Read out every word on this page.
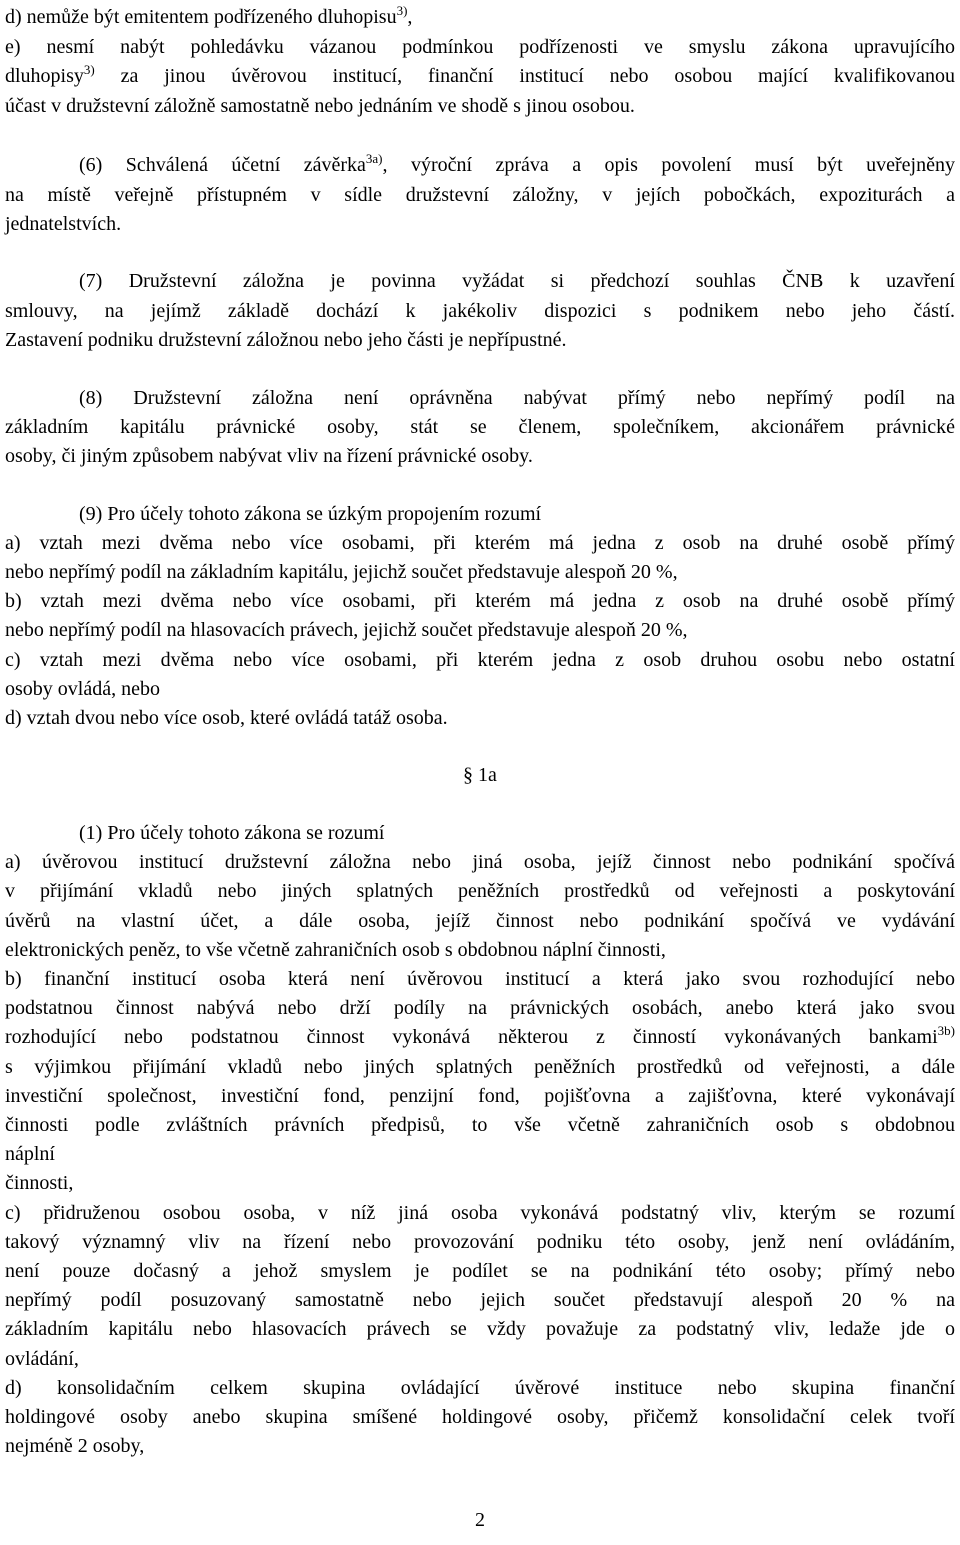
d) nemůže být emitentem podřízeného dluhopisu$^{3)}$,
e) nesmí nabýt pohledávku vázanou podmínkou podřízenosti ve smyslu zákona upravujícího
dluhopisy$^{3)}$ za jinou úvěrovou institucí, finanční institucí nebo osobou mající kvalifikovanou
účast v družstevní záložně samostatně nebo jednáním ve shodě s jinou osobou.
(6) Schválená účetní závěrka$^{3a)}$, výroční zpráva a opis povolení musí být uveřejněny
na místě veřejně přístupném v sídle družstevní záložny, v jejích pobočkách, expoziturách a
jednatelstvích.
(7) Družstevní záložna je povinna vyžádat si předchozí souhlas ČNB k uzavření
smlouvy, na jejímž základě dochází k jakékoliv dispozici s podnikem nebo jeho částí.
Zastavení podniku družstevní záložnou nebo jeho části je nepřípustné.
(8) Družstevní záložna není oprávněna nabývat přímý nebo nepřímý podíl na
základním kapitálu právnické osoby, stát se členem, společníkem, akcionářem právnické
osoby, či jiným způsobem nabývat vliv na řízení právnické osoby.
(9) Pro účely tohoto zákona se úzkým propojením rozumí
a) vztah mezi dvěma nebo více osobami, při kterém má jedna z osob na druhé osobě přímý
nebo nepřímý podíl na základním kapitálu, jejichž součet představuje alespoň 20 %,
b) vztah mezi dvěma nebo více osobami, při kterém má jedna z osob na druhé osobě přímý
nebo nepřímý podíl na hlasovacích právech, jejichž součet představuje alespoň 20 %,
c) vztah mezi dvěma nebo více osobami, při kterém jedna z osob druhou osobu nebo ostatní
osoby ovládá, nebo
d) vztah dvou nebo více osob, které ovládá tatáž osoba.
§ 1a
(1) Pro účely tohoto zákona se rozumí
a) úvěrovou institucí družstevní záložna nebo jiná osoba, jejíž činnost nebo podnikání spočívá
v přijímání vkladů nebo jiných splatných peněžních prostředků od veřejnosti a poskytování
úvěrů na vlastní účet, a dále osoba, jejíž činnost nebo podnikání spočívá ve vydávání
elektronických peněz, to vše včetně zahraničních osob s obdobnou náplní činnosti,
b) finanční institucí osoba která není úvěrovou institucí a která jako svou rozhodující nebo
podstatnou činnost nabývá nebo drží podíly na právnických osobách, anebo která jako svou
rozhodující nebo podstatnou činnost vykonává některou z činností vykonávaných bankami$^{3b)}$
s výjimkou přijímání vkladů nebo jiných splatných peněžních prostředků od veřejnosti, a dále
investiční společnost, investiční fond, penzijní fond, pojišťovna a zajišťovna, které vykonávají
činnosti podle zvláštních právních předpisů, to vše včetně zahraničních osob s obdobnou
náplní
činnosti,
c) přidruženou osobou osoba, v níž jiná osoba vykonává podstatný vliv, kterým se rozumí
takový významný vliv na řízení nebo provozování podniku této osoby, jenž není ovládáním,
není pouze dočasný a jehož smyslem je podílet se na podnikání této osoby; přímý nebo
nepřímý podíl posuzovaný samostatně nebo jejich součet představují alespoň 20 % na
základním kapitálu nebo hlasovacích právech se vždy považuje za podstatný vliv, ledaže jde o
ovládání,
d) konsolidačním celkem skupina ovládající úvěrové instituce nebo skupina finanční
holdingové osoby anebo skupina smíšené holdingové osoby, přičemž konsolidační celek tvoří
nejméně 2 osoby,
2
